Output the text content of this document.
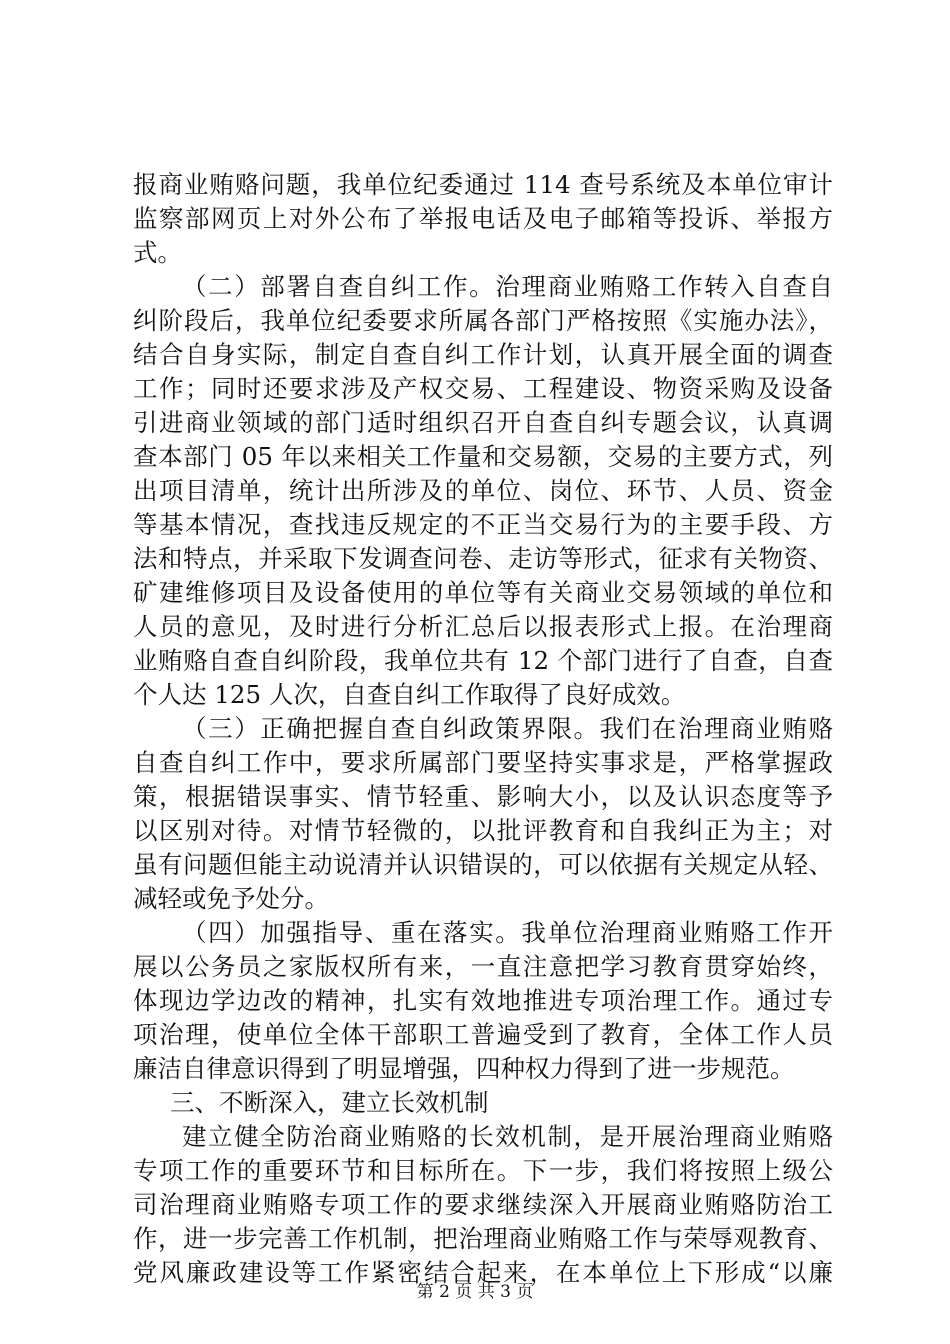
报商业贿赂问题，我单位纪委通过 114 查号系统及本单位审计
监察部网页上对外公布了举报电话及电子邮箱等投诉、举报方
式。
（二）部署自查自纠工作。治理商业贿赂工作转入自查自
纠阶段后，我单位纪委要求所属各部门严格按照《实施办法》，
结合自身实际，制定自查自纠工作计划，认真开展全面的调查
工作；同时还要求涉及产权交易、工程建设、物资采购及设备
引进商业领域的部门适时组织召开自查自纠专题会议，认真调
查本部门 05 年以来相关工作量和交易额，交易的主要方式，列
出项目清单，统计出所涉及的单位、岗位、环节、人员、资金
等基本情况，查找违反规定的不正当交易行为的主要手段、方
法和特点，并采取下发调查问卷、走访等形式，征求有关物资、
矿建维修项目及设备使用的单位等有关商业交易领域的单位和
人员的意见，及时进行分析汇总后以报表形式上报。在治理商
业贿赂自查自纠阶段，我单位共有 12 个部门进行了自查，自查
个人达 125 人次，自查自纠工作取得了良好成效。
（三）正确把握自查自纠政策界限。我们在治理商业贿赂
自查自纠工作中，要求所属部门要坚持实事求是，严格掌握政
策，根据错误事实、情节轻重、影响大小，以及认识态度等予
以区别对待。对情节轻微的，以批评教育和自我纠正为主；对
虽有问题但能主动说清并认识错误的，可以依据有关规定从轻、
减轻或免予处分。
（四）加强指导、重在落实。我单位治理商业贿赂工作开
展以公务员之家版权所有来，一直注意把学习教育贯穿始终，
体现边学边改的精神，扎实有效地推进专项治理工作。通过专
项治理，使单位全体干部职工普遍受到了教育，全体工作人员
廉洁自律意识得到了明显增强，四种权力得到了进一步规范。
三、不断深入，建立长效机制
建立健全防治商业贿赂的长效机制，是开展治理商业贿赂
专项工作的重要环节和目标所在。下一步，我们将按照上级公
司治理商业贿赂专项工作的要求继续深入开展商业贿赂防治工
作，进一步完善工作机制，把治理商业贿赂工作与荣辱观教育、
党风廉政建设等工作紧密结合起来，在本单位上下形成“以廉
第 2 页 共 3 页
